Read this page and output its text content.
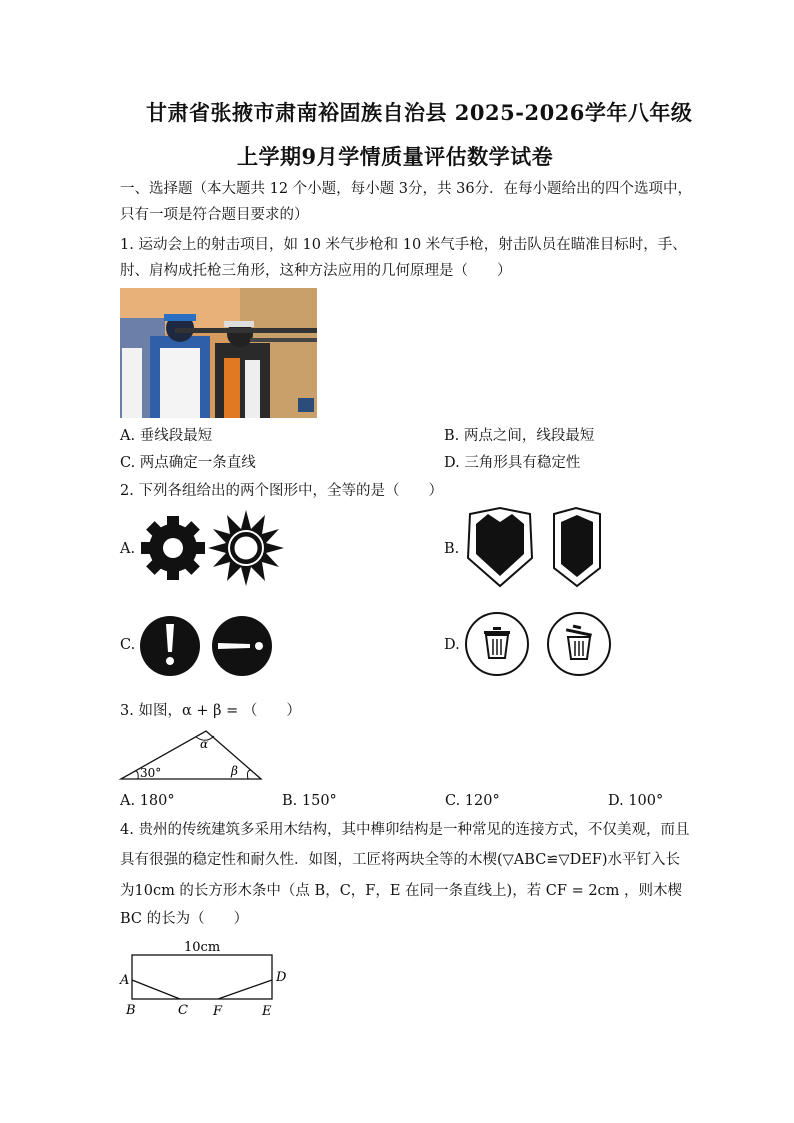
甘肃省张掖市肃南裕固族自治县 2025-2026学年八年级
上学期9月学情质量评估数学试卷
一、选择题（本大题共 12 个小题，每小题 3分，共 36分．在每小题给出的四个选项中，
只有一项是符合题目要求的）
1. 运动会上的射击项目，如 10 米气步枪和 10 米气手枪，射击队员在瞄准目标时，手、
肘、肩构成托枪三角形，这种方法应用的几何原理是（　　）
A. 垂线段最短	B. 两点之间，线段最短
C. 两点确定一条直线	D. 三角形具有稳定性
2. 下列各组给出的两个图形中，全等的是（　　）
A.	B.
C.	D.
3. 如图，α + β = （　　）
α
30°	β
A. 180°	B. 150°	C. 120°	D. 100°
4. 贵州的传统建筑多采用木结构，其中榫卯结构是一种常见的连接方式，不仅美观，而且
具有很强的稳定性和耐久性．如图，工匠将两块全等的木楔(▽ABC≌▽DEF)水平钉入长
为10cm 的长方形木条中（点 B，C，F，E 在同一条直线上)，若 CF = 2cm ，则木楔
BC 的长为（　　）
10cm
A	D
B	C F	E
